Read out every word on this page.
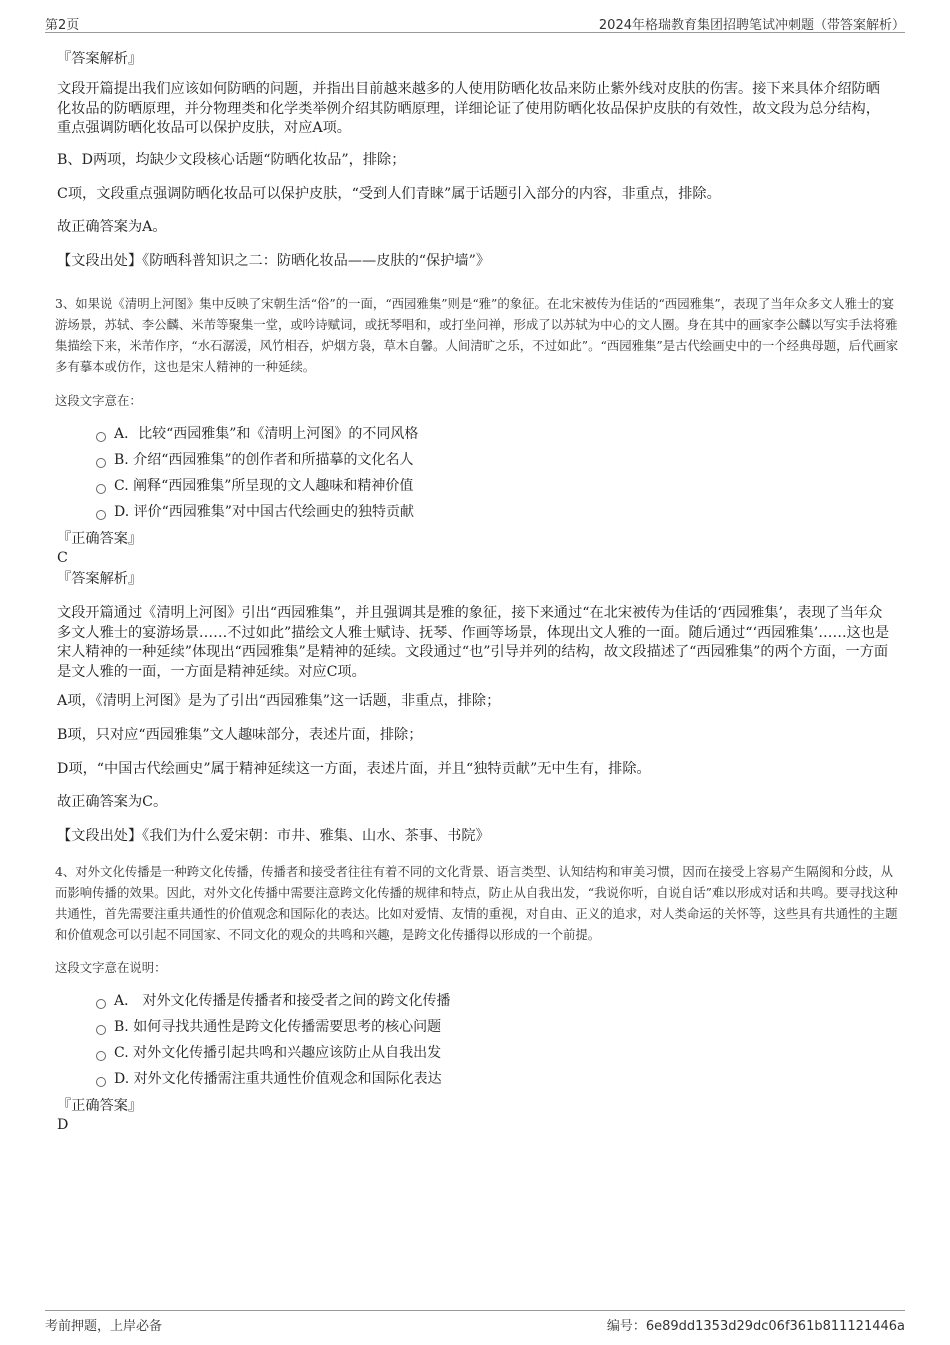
第2页	2024年格瑞教育集团招聘笔试冲刺题（带答案解析）
『答案解析』
文段开篇提出我们应该如何防晒的问题，并指出目前越来越多的人使用防晒化妆品来防止紫外线对皮肤的伤害。接下来具体介绍防晒化妆品的防晒原理，并分物理类和化学类举例介绍其防晒原理，详细论证了使用防晒化妆品保护皮肤的有效性，故文段为总分结构，重点强调防晒化妆品可以保护皮肤，对应A项。
B、D两项，均缺少文段核心话题“防晒化妆品”，排除；
C项，文段重点强调防晒化妆品可以保护皮肤，“受到人们青睐”属于话题引入部分的内容，非重点，排除。
故正确答案为A。
【文段出处】《防晒科普知识之二：防晒化妆品——皮肤的“保护墙”》
3、如果说《清明上河图》集中反映了宋朝生活“俗”的一面，“西园雅集”则是“雅”的象征。在北宋被传为佳话的“西园雅集”，表现了当年众多文人雅士的宴游场景，苏轼、李公麟、米芾等聚集一堂，或吟诗赋词，或抚琴唱和，或打坐问禅，形成了以苏轼为中心的文人圈。身在其中的画家李公麟以写实手法将雅集描绘下来，米芾作序，“水石潺湲，风竹相吞，炉烟方袅，草木自馨。人间清旷之乐，不过如此”。“西园雅集”是古代绘画史中的一个经典母题，后代画家多有摹本或仿作，这也是宋人精神的一种延续。
这段文字意在：
A．比较“西园雅集”和《清明上河图》的不同风格
B. 介绍“西园雅集”的创作者和所描摹的文化名人
C. 阐释“西园雅集”所呈现的文人趣味和精神价值
D. 评价“西园雅集”对中国古代绘画史的独特贡献
『正确答案』
C
『答案解析』
文段开篇通过《清明上河图》引出“西园雅集”，并且强调其是雅的象征，接下来通过“在北宋被传为佳话的‘西园雅集’，表现了当年众多文人雅士的宴游场景……不过如此”描绘文人雅士赋诗、抚琴、作画等场景，体现出文人雅的一面。随后通过“‘西园雅集’……这也是宋人精神的一种延续”体现出“西园雅集”是精神的延续。文段通过“也”引导并列的结构，故文段描述了“西园雅集”的两个方面，一方面是文人雅的一面，一方面是精神延续。对应C项。
A项，《清明上河图》是为了引出“西园雅集”这一话题，非重点，排除；
B项，只对应“西园雅集”文人趣味部分，表述片面，排除；
D项，“中国古代绘画史”属于精神延续这一方面，表述片面，并且“独特贡献”无中生有，排除。
故正确答案为C。
【文段出处】《我们为什么爱宋朝：市井、雅集、山水、茶事、书院》
4、对外文化传播是一种跨文化传播，传播者和接受者往往有着不同的文化背景、语言类型、认知结构和审美习惯，因而在接受上容易产生隔阂和分歧，从而影响传播的效果。因此，对外文化传播中需要注意跨文化传播的规律和特点，防止从自我出发，“我说你听，自说自话”难以形成对话和共鸣。要寻找这种共通性，首先需要注重共通性的价值观念和国际化的表达。比如对爱情、友情的重视，对自由、正义的追求，对人类命运的关怀等，这些具有共通性的主题和价值观念可以引起不同国家、不同文化的观众的共鸣和兴趣，是跨文化传播得以形成的一个前提。
这段文字意在说明：
A． 对外文化传播是传播者和接受者之间的跨文化传播
B. 如何寻找共通性是跨文化传播需要思考的核心问题
C. 对外文化传播引起共鸣和兴趣应该防止从自我出发
D. 对外文化传播需注重共通性价值观念和国际化表达
『正确答案』
D
考前押题，上岸必备	编号：6e89dd1353d29dc06f361b811121446a
